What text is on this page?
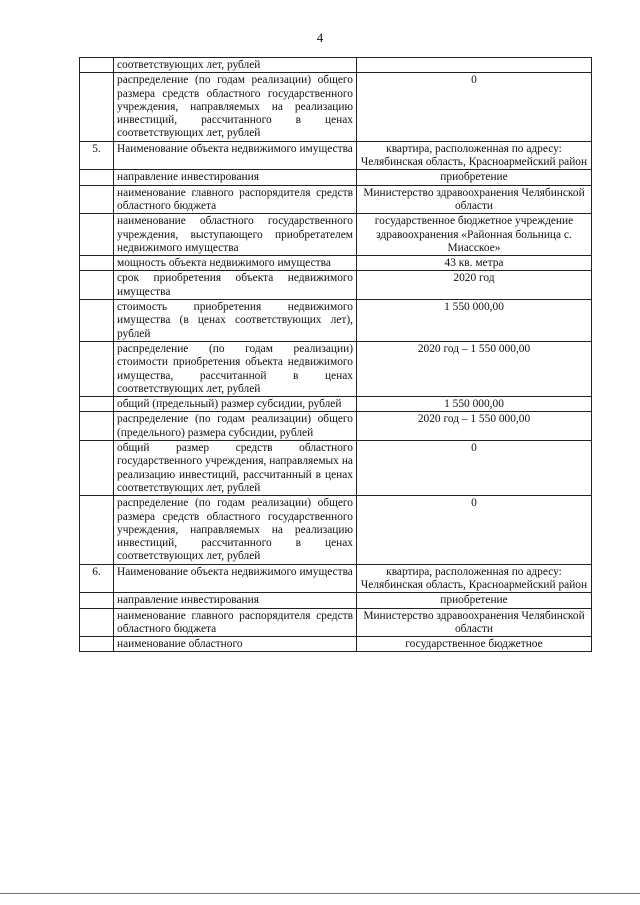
4
	соответствующих лет, рублей	
	распределение (по годам реализации) общего размера средств областного государственного учреждения, направляемых на реализацию инвестиций, рассчитанного в ценах соответствующих лет, рублей	0
5.	Наименование объекта недвижимого имущества	квартира, расположенная по адресу: Челябинская область, Красноармейский район
	направление инвестирования	приобретение
	наименование главного распорядителя средств областного бюджета	Министерство здравоохранения Челябинской области
	наименование областного государственного учреждения, выступающего приобретателем недвижимого имущества	государственное бюджетное учреждение здравоохранения «Районная больница с. Миасское»
	мощность объекта недвижимого имущества	43 кв. метра
	срок приобретения объекта недвижимого имущества	2020 год
	стоимость приобретения недвижимого имущества (в ценах соответствующих лет), рублей	1 550 000,00
	распределение (по годам реализации) стоимости приобретения объекта недвижимого имущества, рассчитанной в ценах соответствующих лет, рублей	2020 год – 1 550 000,00
	общий (предельный) размер субсидии, рублей	1 550 000,00
	распределение (по годам реализации) общего (предельного) размера субсидии, рублей	2020 год – 1 550 000,00
	общий размер средств областного государственного учреждения, направляемых на реализацию инвестиций, рассчитанный в ценах соответствующих лет, рублей	0
	распределение (по годам реализации) общего размера средств областного государственного учреждения, направляемых на реализацию инвестиций, рассчитанного в ценах соответствующих лет, рублей	0
6.	Наименование объекта недвижимого имущества	квартира, расположенная по адресу: Челябинская область, Красноармейский район
	направление инвестирования	приобретение
	наименование главного распорядителя средств областного бюджета	Министерство здравоохранения Челябинской области
	наименование областного	государственное бюджетное
